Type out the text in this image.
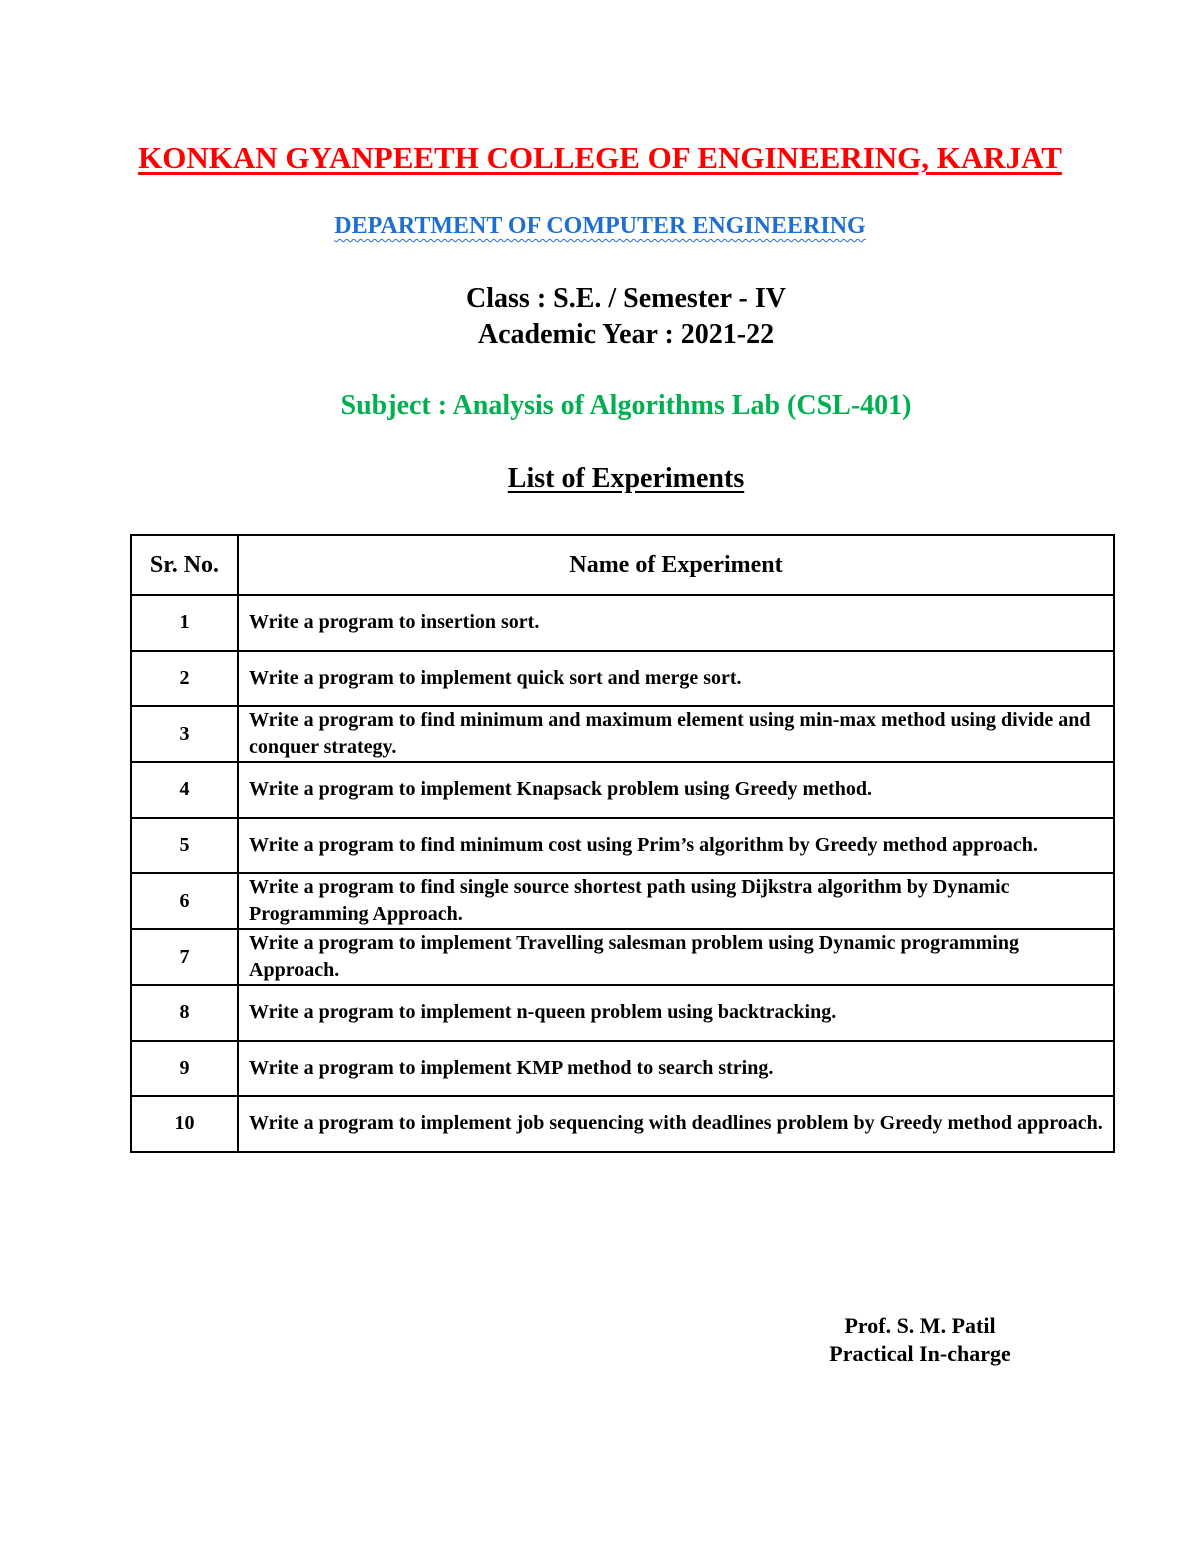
KONKAN GYANPEETH COLLEGE OF ENGINEERING, KARJAT
DEPARTMENT OF COMPUTER ENGINEERING
Class : S.E. / Semester - IV
Academic Year : 2021-22
Subject : Analysis of Algorithms Lab (CSL-401)
List of Experiments
Sr. No.	Name of Experiment
1	Write a program to insertion sort.
2	Write a program to implement quick sort and merge sort.
3	Write a program to find minimum and maximum element using min-max method using divide and conquer strategy.
4	Write a program to implement Knapsack problem using Greedy method.
5	Write a program to find minimum cost using Prim’s algorithm by Greedy method approach.
6	Write a program to find single source shortest path using Dijkstra algorithm by Dynamic Programming Approach.
7	Write a program to implement Travelling salesman problem using Dynamic programming Approach.
8	Write a program to implement n-queen problem using backtracking.
9	Write a program to implement KMP method to search string.
10	Write a program to implement job sequencing with deadlines problem by Greedy method approach.
Prof. S. M. Patil
Practical In-charge
